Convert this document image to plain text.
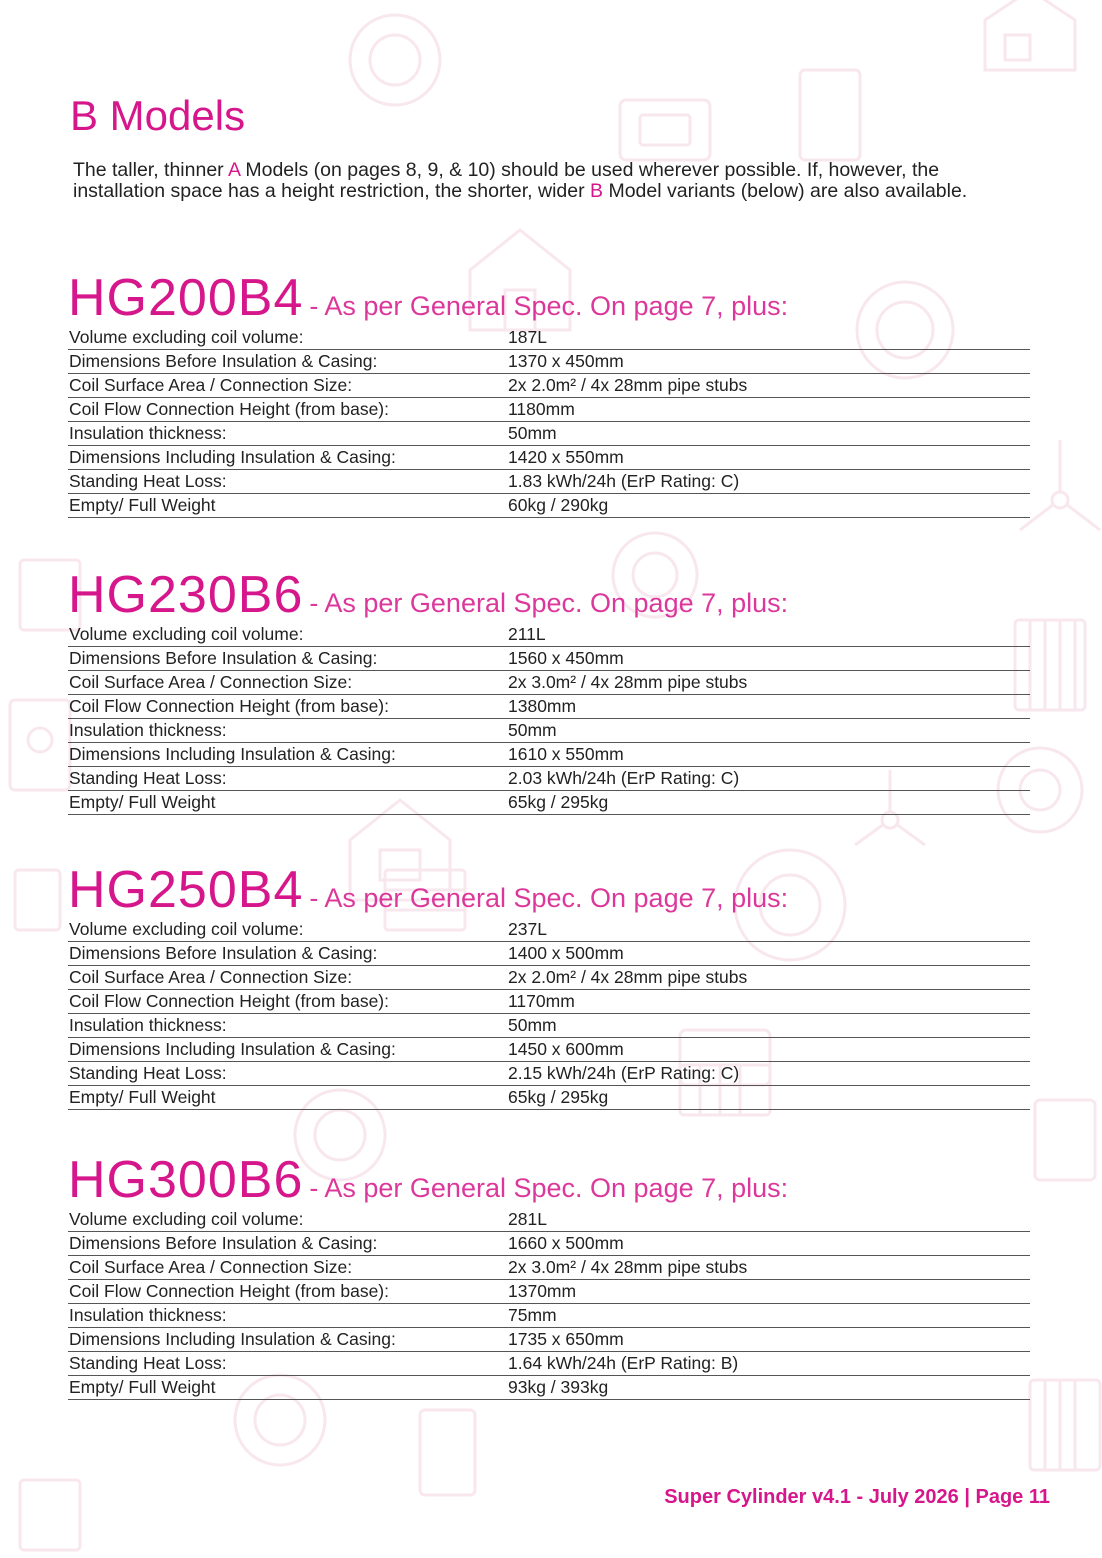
B Models

The taller, thinner A Models (on pages 8, 9, & 10) should be used wherever possible. If, however, the installation space has a height restriction, the shorter, wider B Model variants (below) are also available.

HG200B4 - As per General Spec. On page 7, plus:
Volume excluding coil volume:	187L
Dimensions Before Insulation & Casing:	1370 x 450mm
Coil Surface Area / Connection Size:	2x 2.0m² / 4x 28mm pipe stubs
Coil Flow Connection Height (from base):	1180mm
Insulation thickness:	50mm
Dimensions Including Insulation & Casing:	1420 x 550mm
Standing Heat Loss:	1.83 kWh/24h (ErP Rating: C)
Empty/ Full Weight	60kg / 290kg
HG230B6 - As per General Spec. On page 7, plus:
Volume excluding coil volume:	211L
Dimensions Before Insulation & Casing:	1560 x 450mm
Coil Surface Area / Connection Size:	2x 3.0m² / 4x 28mm pipe stubs
Coil Flow Connection Height (from base):	1380mm
Insulation thickness:	50mm
Dimensions Including Insulation & Casing:	1610 x 550mm
Standing Heat Loss:	2.03 kWh/24h (ErP Rating: C)
Empty/ Full Weight	65kg / 295kg
HG250B4 - As per General Spec. On page 7, plus:
Volume excluding coil volume:	237L
Dimensions Before Insulation & Casing:	1400 x 500mm
Coil Surface Area / Connection Size:	2x 2.0m² / 4x 28mm pipe stubs
Coil Flow Connection Height (from base):	1170mm
Insulation thickness:	50mm
Dimensions Including Insulation & Casing:	1450 x 600mm
Standing Heat Loss:	2.15 kWh/24h (ErP Rating: C)
Empty/ Full Weight	65kg / 295kg
HG300B6 - As per General Spec. On page 7, plus:
Volume excluding coil volume:	281L
Dimensions Before Insulation & Casing:	1660 x 500mm
Coil Surface Area / Connection Size:	2x 3.0m² / 4x 28mm pipe stubs
Coil Flow Connection Height (from base):	1370mm
Insulation thickness:	75mm
Dimensions Including Insulation & Casing:	1735 x 650mm
Standing Heat Loss:	1.64 kWh/24h (ErP Rating: B)
Empty/ Full Weight	93kg / 393kg

Super Cylinder v4.1 - July 2026 | Page 11
